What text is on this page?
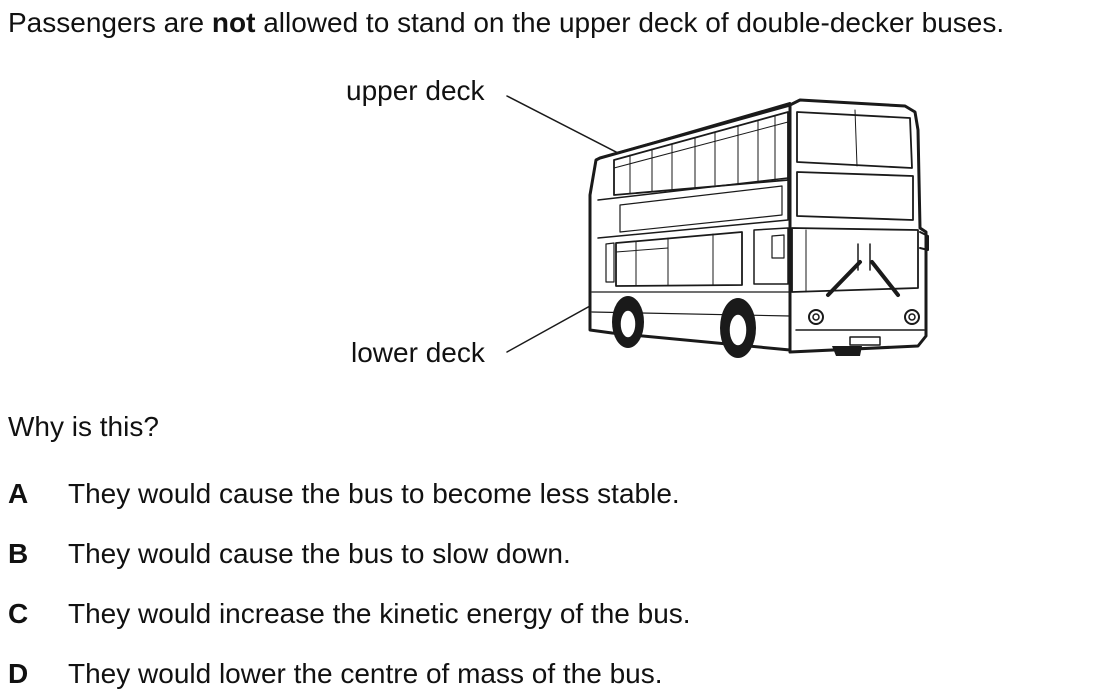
Passengers are not allowed to stand on the upper deck of double-decker buses.
upper deck
lower deck
Why is this?
A They would cause the bus to become less stable.
B They would cause the bus to slow down.
C They would increase the kinetic energy of the bus.
D They would lower the centre of mass of the bus.
